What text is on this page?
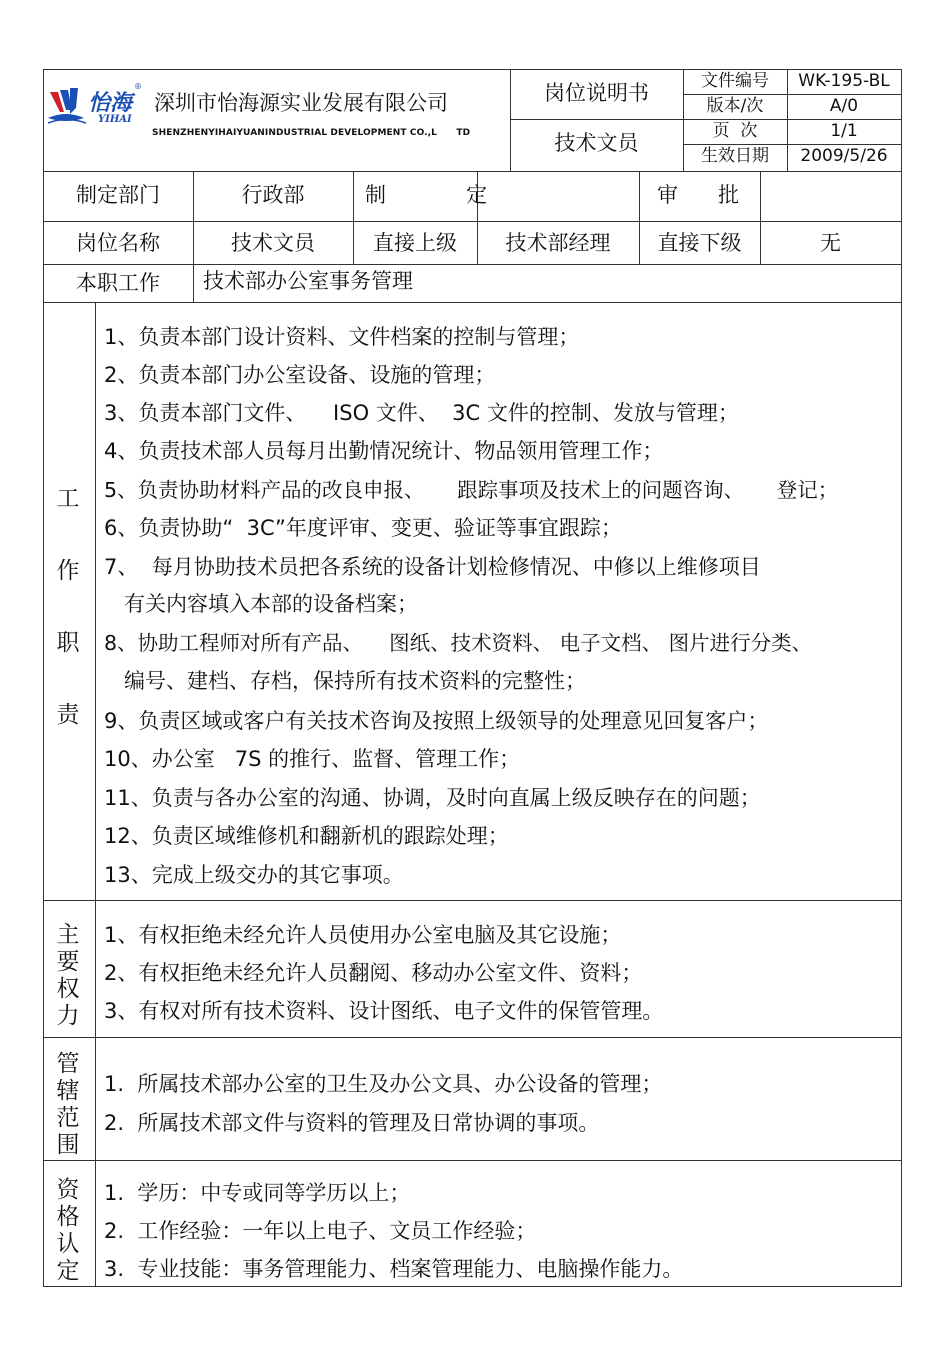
怡海
®
YIHAI
深圳市怡海源实业发展有限公司
SHENZHENYIHAIYUANINDUSTRIAL DEVELOPMENT CO.,L      TD
岗位说明书
技术文员
文件编号	WK-195-BL
版本/次	A/0
页  次	1/1
生效日期	2009/5/26
制定部门	行政部	制            定	审      批
岗位名称	技术文员	直接上级	技术部经理	直接下级	无
本职工作	技术部办公室事务管理
工
作
职
责
1、负责本部门设计资料、文件档案的控制与管理；
2、负责本部门办公室设备、设施的管理；
3、负责本部门文件、    ISO 文件、  3C 文件的控制、发放与管理；
4、负责技术部人员每月出勤情况统计、物品领用管理工作；
5、负责协助材料产品的改良申报、     跟踪事项及技术上的问题咨询、     登记；
6、负责协助“  3C”年度评审、变更、验证等事宜跟踪；
7、  每月协助技术员把各系统的设备计划检修情况、中修以上维修项目
有关内容填入本部的设备档案；
8、协助工程师对所有产品、    图纸、技术资料、 电子文档、 图片进行分类、
编号、建档、存档，保持所有技术资料的完整性；
9、负责区域或客户有关技术咨询及按照上级领导的处理意见回复客户；
10、办公室   7S 的推行、监督、管理工作；
11、负责与各办公室的沟通、协调，及时向直属上级反映存在的问题；
12、负责区域维修机和翻新机的跟踪处理；
13、完成上级交办的其它事项。
主
要
权
力
1、有权拒绝未经允许人员使用办公室电脑及其它设施；
2、有权拒绝未经允许人员翻阅、移动办公室文件、资料；
3、有权对所有技术资料、设计图纸、电子文件的保管管理。
管
辖
范
围
1.  所属技术部办公室的卫生及办公文具、办公设备的管理；
2.  所属技术部文件与资料的管理及日常协调的事项。
资
格
认
定
1.  学历：中专或同等学历以上；
2.  工作经验：一年以上电子、文员工作经验；
3.  专业技能：事务管理能力、档案管理能力、电脑操作能力。
